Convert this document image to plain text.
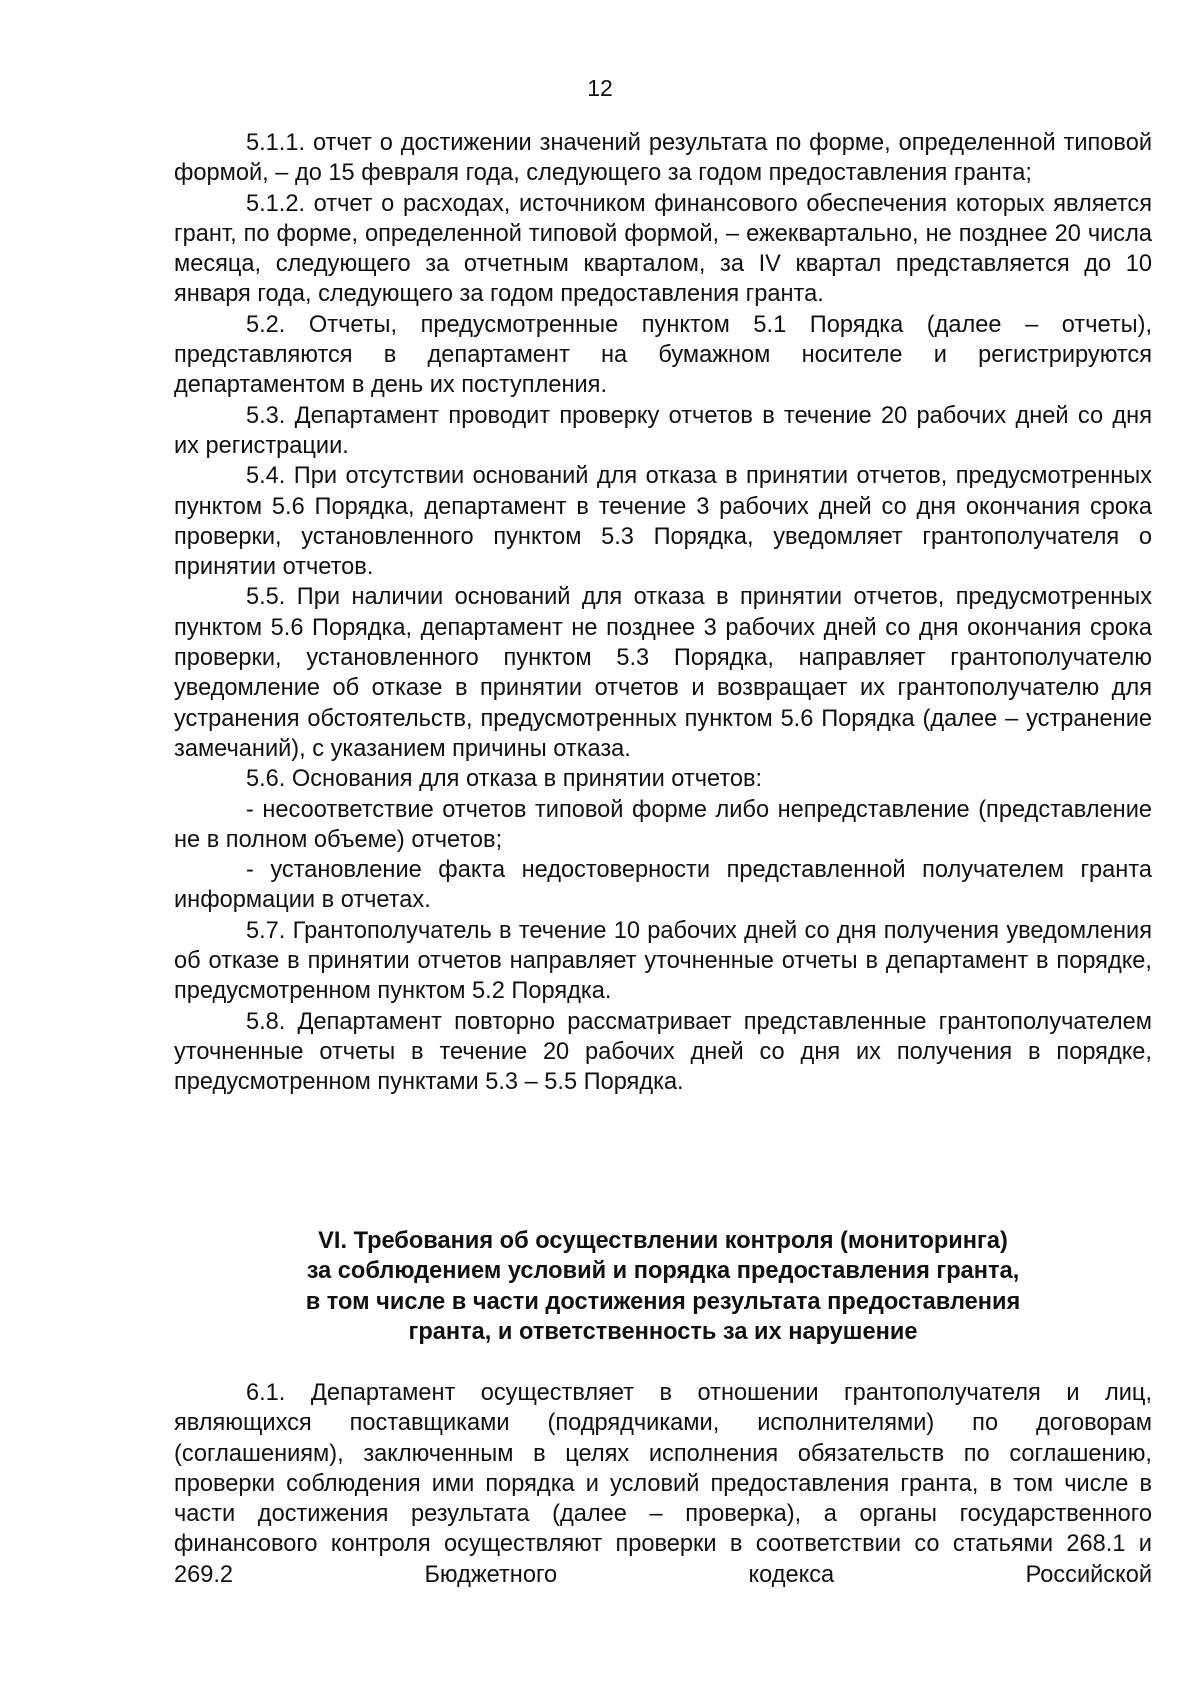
12

5.1.1. отчет о достижении значений результата по форме, определенной типовой формой, – до 15 февраля года, следующего за годом предоставления гранта;

5.1.2. отчет о расходах, источником финансового обеспечения которых является грант, по форме, определенной типовой формой, – ежеквартально, не позднее 20 числа месяца, следующего за отчетным кварталом, за IV квартал представляется до 10 января года, следующего за годом предоставления гранта.

5.2. Отчеты, предусмотренные пунктом 5.1 Порядка (далее – отчеты), представляются в департамент на бумажном носителе и регистрируются департаментом в день их поступления.

5.3. Департамент проводит проверку отчетов в течение 20 рабочих дней со дня их регистрации.

5.4. При отсутствии оснований для отказа в принятии отчетов, предусмотренных пунктом 5.6 Порядка, департамент в течение 3 рабочих дней со дня окончания срока проверки, установленного пунктом 5.3 Порядка, уведомляет грантополучателя о принятии отчетов.

5.5. При наличии оснований для отказа в принятии отчетов, предусмотренных пунктом 5.6 Порядка, департамент не позднее 3 рабочих дней со дня окончания срока проверки, установленного пунктом 5.3 Порядка, направляет грантополучателю уведомление об отказе в принятии отчетов и возвращает их грантополучателю для устранения обстоятельств, предусмотренных пунктом 5.6 Порядка (далее – устранение замечаний), с указанием причины отказа.

5.6. Основания для отказа в принятии отчетов:

- несоответствие отчетов типовой форме либо непредставление (представление не в полном объеме) отчетов;

- установление факта недостоверности представленной получателем гранта информации в отчетах.

5.7. Грантополучатель в течение 10 рабочих дней со дня получения уведомления об отказе в принятии отчетов направляет уточненные отчеты в департамент в порядке, предусмотренном пунктом 5.2 Порядка.

5.8. Департамент повторно рассматривает представленные грантополучателем уточненные отчеты в течение 20 рабочих дней со дня их получения в порядке, предусмотренном пунктами 5.3 – 5.5 Порядка.

VI. Требования об осуществлении контроля (мониторинга)
за соблюдением условий и порядка предоставления гранта,
в том числе в части достижения результата предоставления
гранта, и ответственность за их нарушение

6.1. Департамент осуществляет в отношении грантополучателя и лиц, являющихся поставщиками (подрядчиками, исполнителями) по договорам (соглашениям), заключенным в целях исполнения обязательств по соглашению, проверки соблюдения ими порядка и условий предоставления гранта, в том числе в части достижения результата (далее – проверка), а органы государственного финансового контроля осуществляют проверки в соответствии со статьями 268.1 и 269.2 Бюджетного кодекса Российской
